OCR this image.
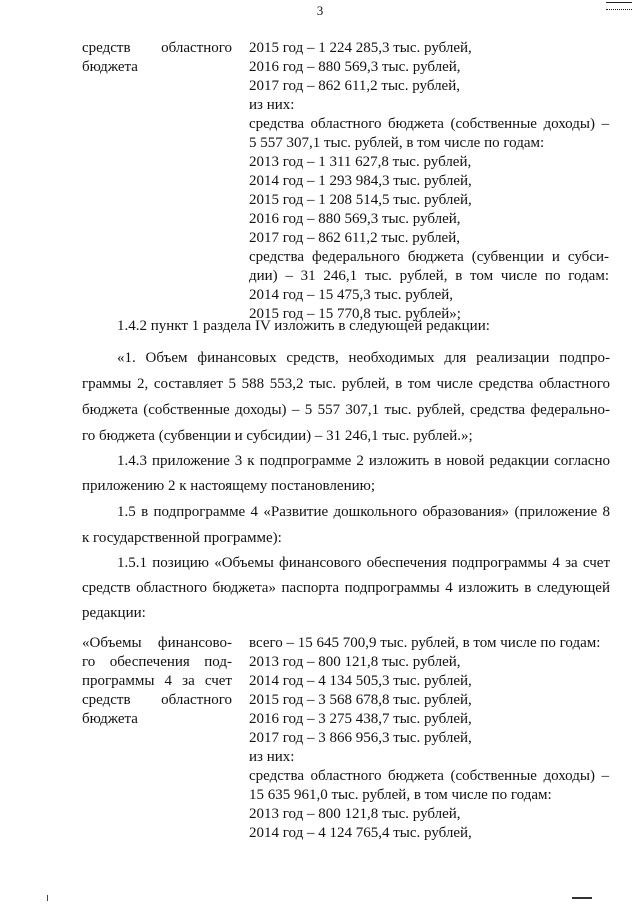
3
средств областного
бюджета
2015 год – 1 224 285,3 тыс. рублей,
2016 год – 880 569,3 тыс. рублей,
2017 год – 862 611,2 тыс. рублей,
из них:
средства областного бюджета (собственные доходы) –
5 557 307,1 тыс. рублей, в том числе по годам:
2013 год – 1 311 627,8 тыс. рублей,
2014 год – 1 293 984,3 тыс. рублей,
2015 год – 1 208 514,5 тыс. рублей,
2016 год – 880 569,3 тыс. рублей,
2017 год – 862 611,2 тыс. рублей,
средства федерального бюджета (субвенции и субси-
дии) – 31 246,1 тыс. рублей, в том числе по годам:
2014 год – 15 475,3 тыс. рублей,
2015 год – 15 770,8 тыс. рублей»;
1.4.2 пункт 1 раздела IV изложить в следующей редакции:
«1. Объем финансовых средств, необходимых для реализации подпро-
граммы 2, составляет 5 588 553,2 тыс. рублей, в том числе средства областного
бюджета (собственные доходы) – 5 557 307,1 тыс. рублей, средства федерально-
го бюджета (субвенции и субсидии) – 31 246,1 тыс. рублей.»;
1.4.3 приложение 3 к подпрограмме 2 изложить в новой редакции согласно
приложению 2 к настоящему постановлению;
1.5 в подпрограмме 4 «Развитие дошкольного образования» (приложение 8
к государственной программе):
1.5.1 позицию «Объемы финансового обеспечения подпрограммы 4 за счет
средств областного бюджета» паспорта подпрограммы 4 изложить в следующей
редакции:
«Объемы финансово-
го обеспечения под-
программы 4 за счет
средств областного
бюджета
всего – 15 645 700,9 тыс. рублей, в том числе по годам:
2013 год – 800 121,8 тыс. рублей,
2014 год – 4 134 505,3 тыс. рублей,
2015 год – 3 568 678,8 тыс. рублей,
2016 год – 3 275 438,7 тыс. рублей,
2017 год – 3 866 956,3 тыс. рублей,
из них:
средства областного бюджета (собственные доходы) –
15 635 961,0 тыс. рублей, в том числе по годам:
2013 год – 800 121,8 тыс. рублей,
2014 год – 4 124 765,4 тыс. рублей,
